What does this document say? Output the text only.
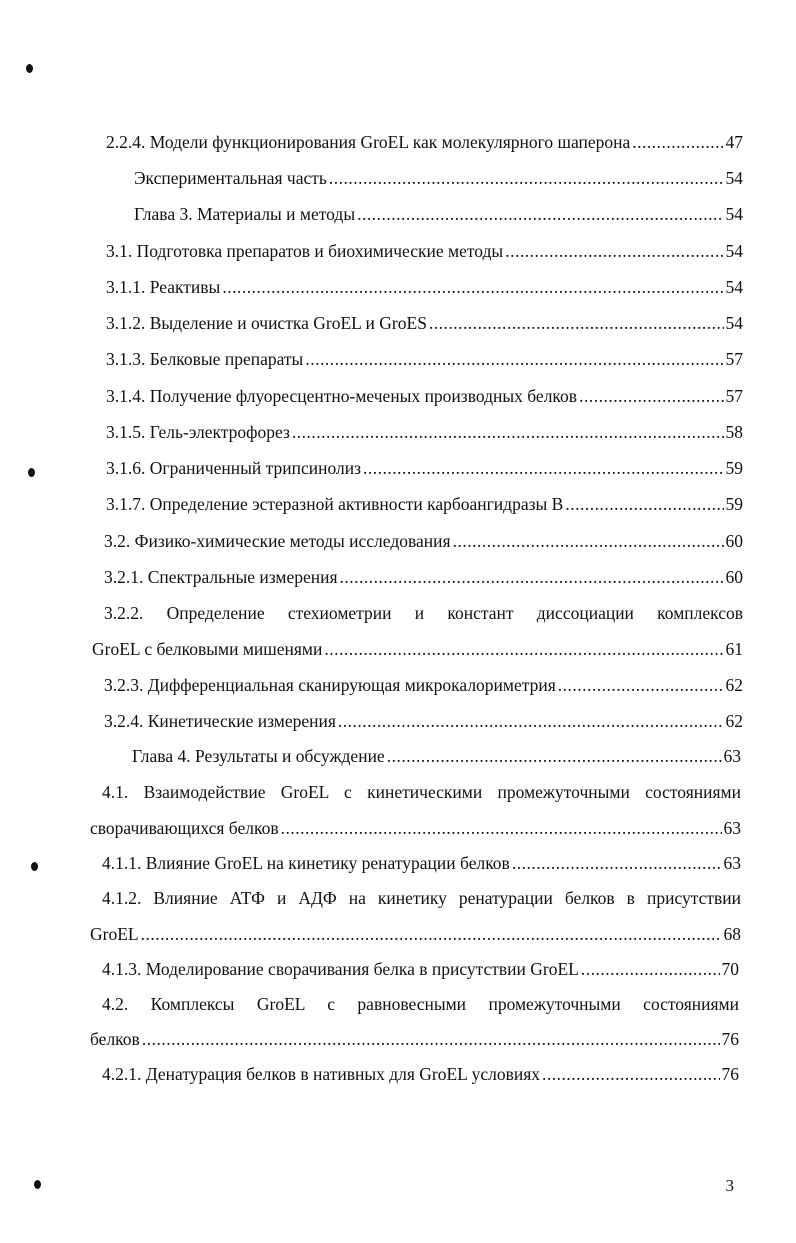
2.2.4. Модели функционирования GroEL как молекулярного шаперона .....	47
Экспериментальная часть .....	54
Глава 3. Материалы и методы .....	54
3.1. Подготовка препаратов и биохимические методы .....	54
3.1.1. Реактивы .....	54
3.1.2. Выделение и очистка GroEL и GroES .....	54
3.1.3. Белковые препараты .....	57
3.1.4. Получение флуоресцентно-меченых производных белков .....	57
3.1.5. Гель-электрофорез .....	58
3.1.6. Ограниченный трипсинолиз .....	59
3.1.7. Определение эстеразной активности карбоангидразы В .....	59
3.2. Физико-химические методы исследования .....	60
3.2.1. Спектральные измерения .....	60
3.2.2. Определение стехиометрии и констант диссоциации комплексов
GroEL с белковыми мишенями .....	61
3.2.3. Дифференциальная сканирующая микрокалориметрия .....	62
3.2.4. Кинетические измерения .....	62
Глава 4. Результаты и обсуждение .....	63
4.1. Взаимодействие GroEL с кинетическими промежуточными состояниями
сворачивающихся белков .....	63
4.1.1. Влияние GroEL на кинетику ренатурации белков .....	63
4.1.2. Влияние АТФ и АДФ на кинетику ренатурации белков в присутствии
GroEL .....	68
4.1.3. Моделирование сворачивания белка в присутствии GroEL .....	70
4.2. Комплексы GroEL с равновесными промежуточными состояниями
белков .....	76
4.2.1. Денатурация белков в нативных для GroEL условиях .....	76
3
